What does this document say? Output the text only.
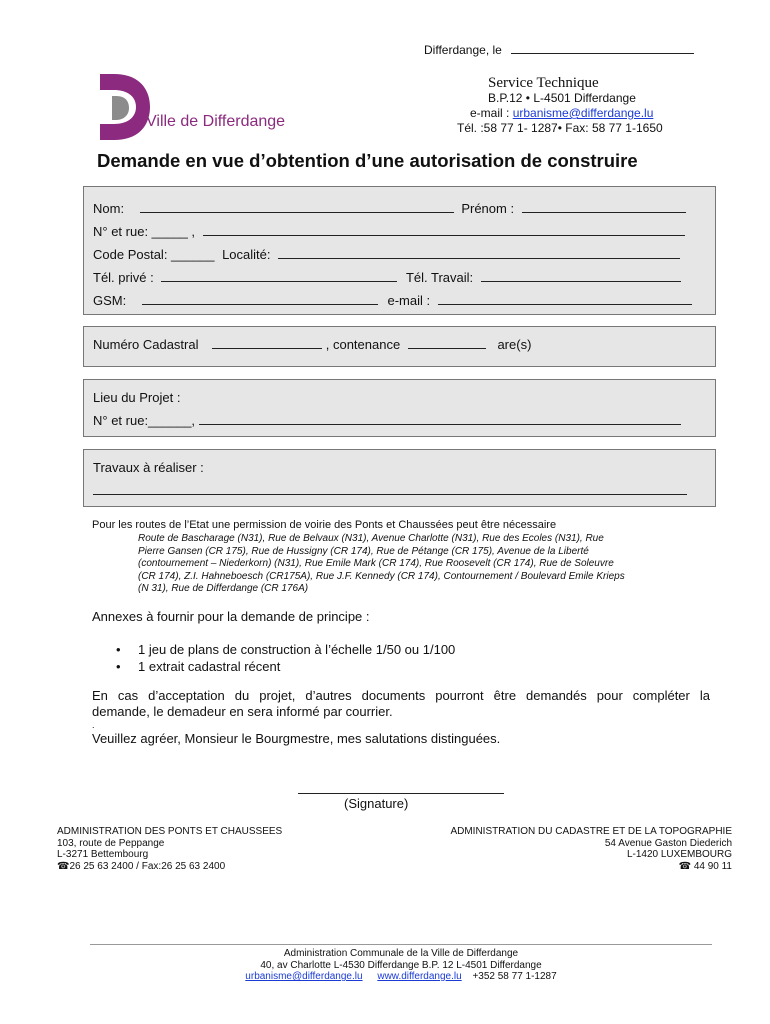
Differdange, le
Ville de Differdange
Service Technique
B.P.12 • L-4501 Differdange
e-mail : urbanisme@differdange.lu
Tél. :58 77 1- 1287• Fax: 58 77 1-1650
Demande en vue d’obtention d’une autorisation de construire
Nom:	Prénom :
N° et rue: _____ ,
Code Postal: ______ Localité:
Tél. privé :	Tél. Travail:
GSM:	e-mail :
Numéro Cadastral	, contenance	are(s)
Lieu du Projet :
N° et rue:______,
Travaux à réaliser :
Pour les routes de l’Etat une permission de voirie des Ponts et Chaussées peut être nécessaire
Route de Bascharage (N31), Rue de Belvaux (N31), Avenue Charlotte (N31), Rue des Ecoles (N31), Rue
Pierre Gansen (CR 175), Rue de Hussigny (CR 174), Rue de Pétange (CR 175), Avenue de la Liberté
(contournement – Niederkorn) (N31), Rue Emile Mark (CR 174), Rue Roosevelt (CR 174), Rue de Soleuvre
(CR 174), Z.I. Hahneboesch (CR175A), Rue J.F. Kennedy (CR 174), Contournement / Boulevard Emile Krieps
(N 31), Rue de Differdange (CR 176A)
Annexes à fournir pour la demande de principe :
• 1 jeu de plans de construction à l’échelle 1/50 ou 1/100
• 1 extrait cadastral récent
En cas d’acceptation du projet, d’autres documents pourront être demandés pour compléter la
demande, le demadeur en sera informé par courrier.
.
Veuillez agréer, Monsieur le Bourgmestre, mes salutations distinguées.
(Signature)
ADMINISTRATION DES PONTS ET CHAUSSEES
103, route de Peppange
L-3271 Bettembourg
☎26 25 63 2400 / Fax:26 25 63 2400
ADMINISTRATION DU CADASTRE ET DE LA TOPOGRAPHIE
54 Avenue Gaston Diederich
L-1420 LUXEMBOURG
☎ 44 90 11
Administration Communale de la Ville de Differdange
40, av Charlotte L-4530 Differdange B.P. 12 L-4501 Differdange
urbanisme@differdange.lu www.differdange.lu +352 58 77 1-1287
